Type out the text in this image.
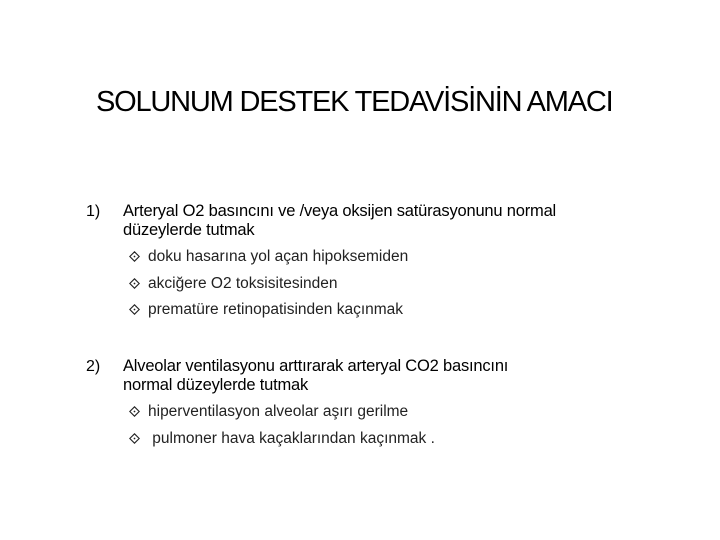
SOLUNUM DESTEK TEDAVİSİNİN AMACI
1) Arteryal O2 basıncını ve /veya oksijen satürasyonunu normal
düzeylerde tutmak
doku hasarına yol açan hipoksemiden
akciğere O2 toksisitesinden
prematüre retinopatisinden kaçınmak
2) Alveolar ventilasyonu arttırarak arteryal CO2 basıncını
normal düzeylerde tutmak
hiperventilasyon alveolar aşırı gerilme
pulmoner hava kaçaklarından kaçınmak .
